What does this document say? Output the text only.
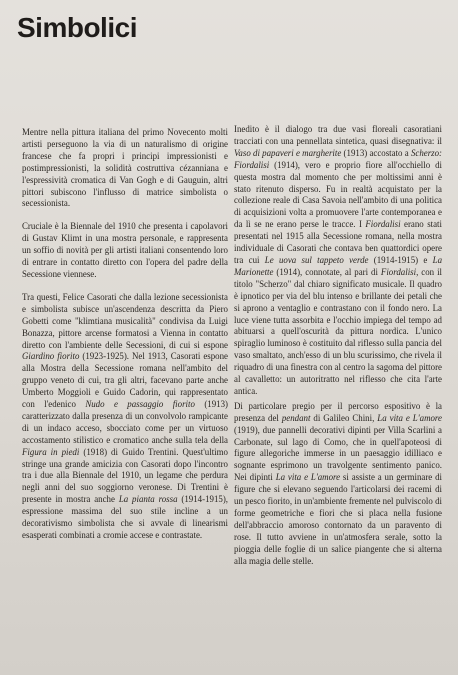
Simbolici

Mentre nella pittura italiana del primo Novecento molti artisti perseguono la via di un naturalismo di origine francese che fa propri i principi impressionisti e postimpressionisti, la solidità costruttiva cézanniana e l'espressività cromatica di Van Gogh e di Gauguin, altri pittori subiscono l'influsso di matrice simbolista o secessionista.

Cruciale è la Biennale del 1910 che presenta i capolavori di Gustav Klimt in una mostra personale, e rappresenta un soffio di novità per gli artisti italiani consentendo loro di entrare in contatto diretto con l'opera del padre della Secessione viennese.

Tra questi, Felice Casorati che dalla lezione secessionista e simbolista subisce un'ascendenza descritta da Piero Gobetti come "klimtiana musicalità" condivisa da Luigi Bonazza, pittore arcense formatosi a Vienna in contatto diretto con l'ambiente delle Secessioni, di cui si espone Giardino fiorito (1923-1925). Nel 1913, Casorati espone alla Mostra della Secessione romana nell'ambito del gruppo veneto di cui, tra gli altri, facevano parte anche Umberto Moggioli e Guido Cadorin, qui rappresentato con l'edenico Nudo e passaggio fiorito (1913) caratterizzato dalla presenza di un convolvolo rampicante di un indaco acceso, sbocciato come per un virtuoso accostamento stilistico e cromatico anche sulla tela della Figura in piedi (1918) di Guido Trentini. Quest'ultimo stringe una grande amicizia con Casorati dopo l'incontro tra i due alla Biennale del 1910, un legame che perdura negli anni del suo soggiorno veronese. Di Trentini è presente in mostra anche La pianta rossa (1914-1915), espressione massima del suo stile incline a un decorativismo simbolista che si avvale di linearismi esasperati combinati a cromie accese e contrastate.

Inedito è il dialogo tra due vasi floreali casoratiani tracciati con una pennellata sintetica, quasi disegnativa: il Vaso di papaveri e margherite (1913) accostato a Scherzo: Fiordalisi (1914), vero e proprio fiore all'occhiello di questa mostra dal momento che per moltissimi anni è stato ritenuto disperso. Fu in realtà acquistato per la collezione reale di Casa Savoia nell'ambito di una politica di acquisizioni volta a promuovere l'arte contemporanea e da lì se ne erano perse le tracce. I Fiordalisi erano stati presentati nel 1915 alla Secessione romana, nella mostra individuale di Casorati che contava ben quattordici opere tra cui Le uova sul tappeto verde (1914-1915) e La Marionette (1914), connotate, al pari di Fiordalisi, con il titolo "Scherzo" dal chiaro significato musicale. Il quadro è ipnotico per via del blu intenso e brillante dei petali che si aprono a ventaglio e contrastano con il fondo nero. La luce viene tutta assorbita e l'occhio impiega del tempo ad abituarsi a quell'oscurità da pittura nordica. L'unico spiraglio luminoso è costituito dal riflesso sulla pancia del vaso smaltato, anch'esso di un blu scurissimo, che rivela il riquadro di una finestra con al centro la sagoma del pittore al cavalletto: un autoritratto nel riflesso che cita l'arte antica.

Di particolare pregio per il percorso espositivo è la presenza del pendant di Galileo Chini, La vita e L'amore (1919), due pannelli decorativi dipinti per Villa Scarlini a Carbonate, sul lago di Como, che in quell'apoteosi di figure allegoriche immerse in un paesaggio idilliaco e sognante esprimono un travolgente sentimento panico. Nei dipinti La vita e L'amore si assiste a un germinare di figure che si elevano seguendo l'articolarsi dei racemi di un pesco fiorito, in un'ambiente fremente nel pulviscolo di forme geometriche e fiori che si placa nella fusione dell'abbraccio amoroso contornato da un paravento di rose. Il tutto avviene in un'atmosfera serale, sotto la pioggia delle foglie di un salice piangente che si alterna alla magia delle stelle.
